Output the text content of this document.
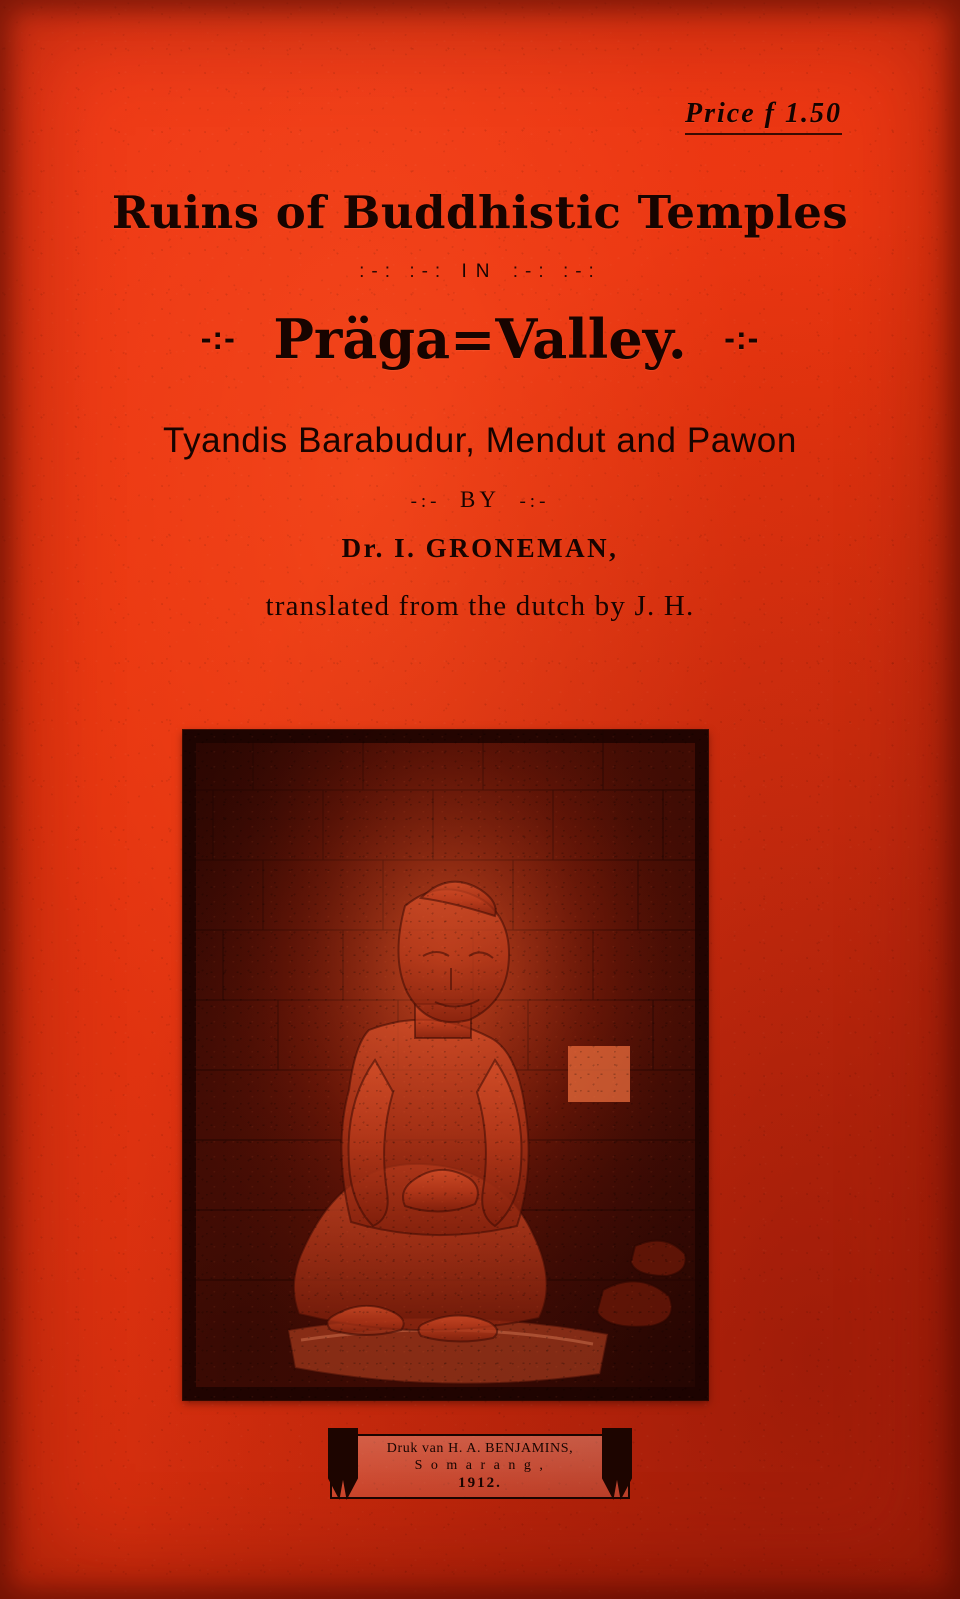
Price f 1.50
Ruins of Buddhistic Temples
:-: :-: IN :-: :-:
-:- Präga=Valley. -:-
Tyandis Barabudur, Mendut and Pawon
-:- BY -:-
Dr. I. GRONEMAN,
translated from the dutch by J. H.
Druk van H. A. BENJAMINS,
S o m a r a n g ,
1912.
